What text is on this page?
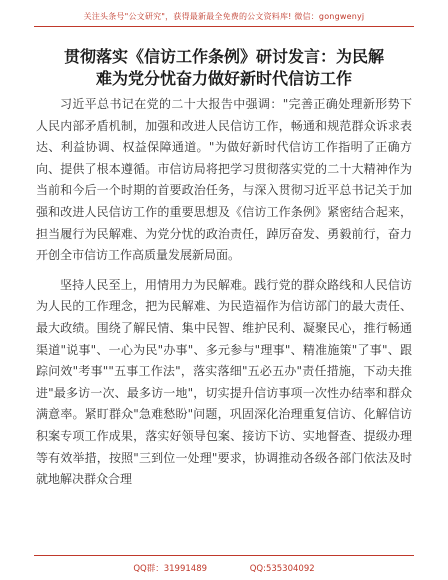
关注头条号"公文研究"，获得最新最全免费的公文资料库! 微信：gongwenyj
贯彻落实《信访工作条例》研讨发言：为民解
难为党分忧奋力做好新时代信访工作

习近平总书记在党的二十大报告中强调："完善正确处理新形势下人民内部矛盾机制，加强和改进人民信访工作，畅通和规范群众诉求表达、利益协调、权益保障通道。"为做好新时代信访工作指明了正确方向、提供了根本遵循。市信访局将把学习贯彻落实党的二十大精神作为当前和今后一个时期的首要政治任务，与深入贯彻习近平总书记关于加强和改进人民信访工作的重要思想及《信访工作条例》紧密结合起来，担当履行为民解难、为党分忧的政治责任，踔厉奋发、勇毅前行，奋力开创全市信访工作高质量发展新局面。

坚持人民至上，用情用力为民解难。践行党的群众路线和人民信访为人民的工作理念，把为民解难、为民造福作为信访部门的最大责任、最大政绩。围绕了解民情、集中民智、维护民利、凝聚民心，推行畅通渠道"说事"、一心为民"办事"、多元参与"理事"、精准施策"了事"、跟踪问效"考事""五事工作法"，落实落细"五必五办"责任措施，下动夫推进"最多访一次、最多访一地"，切实提升信访事项一次性办结率和群众满意率。紧盯群众"急难愁盼"问题，巩固深化治理重复信访、化解信访积案专项工作成果，落实好领导包案、接访下访、实地督查、提级办理等有效举措，按照"三到位一处理"要求，协调推动各级各部门依法及时就地解决群众合理

QQ群：31991489	QQ:535304092
